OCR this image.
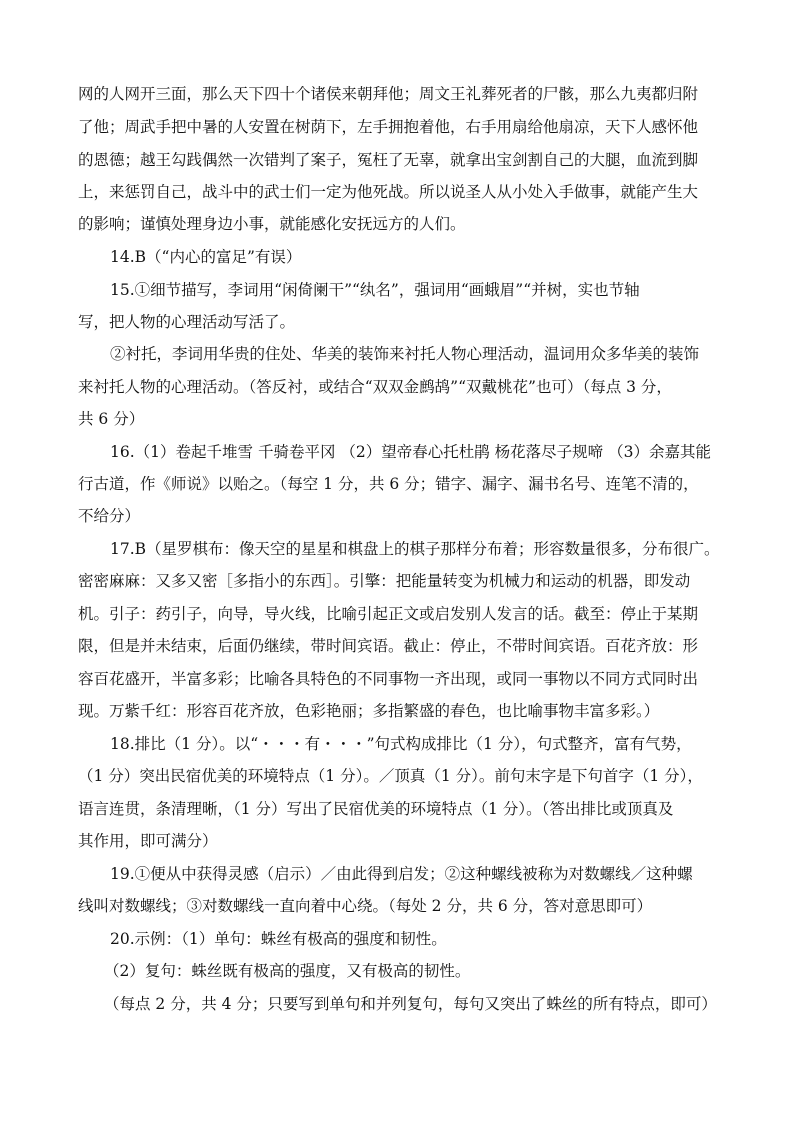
网的人网开三面，那么天下四十个诸侯来朝拜他；周文王礼葬死者的尸骸，那么九夷都归附
了他；周武手把中暑的人安置在树荫下，左手拥抱着他，右手用扇给他扇凉，天下人感怀他
的恩德；越王勾践偶然一次错判了案子，冤枉了无辜，就拿出宝剑割自己的大腿，血流到脚
上，来惩罚自己，战斗中的武士们一定为他死战。所以说圣人从小处入手做事，就能产生大
的影响；谨慎处理身边小事，就能感化安抚远方的人们。
14.B（“内心的富足”有误）
15.①细节描写，李词用“闲倚阑干”“纨名”，强词用“画蛾眉”“并树，实也节轴
写，把人物的心理活动写活了。
②衬托，李词用华贵的住处、华美的装饰来衬托人物心理活动，温词用众多华美的装饰
来衬托人物的心理活动。（答反衬，或结合“双双金鹧鸪”“双戴桃花”也可）（每点 3 分，
共 6 分）
16.（1）卷起千堆雪 千骑卷平冈 （2）望帝春心托杜鹃 杨花落尽子规啼 （3）余嘉其能
行古道，作《师说》以贻之。（每空 1 分，共 6 分；错字、漏字、漏书名号、连笔不清的，
不给分）
17.B（星罗棋布：像天空的星星和棋盘上的棋子那样分布着；形容数量很多，分布很广。
密密麻麻：又多又密［多指小的东西］。引擎：把能量转变为机械力和运动的机器，即发动
机。引子：药引子，向导，导火线，比喻引起正文或启发别人发言的话。截至：停止于某期
限，但是并未结束，后面仍继续，带时间宾语。截止：停止，不带时间宾语。百花齐放：形
容百花盛开，半富多彩；比喻各具特色的不同事物一齐出现，或同一事物以不同方式同时出
现。万紫千红：形容百花齐放，色彩艳丽；多指繁盛的春色，也比喻事物丰富多彩。）
18.排比（1 分）。以“・・・有・・・”句式构成排比（1 分），句式整齐，富有气势，
（1 分）突出民宿优美的环境特点（1 分）。／顶真（1 分）。前句末字是下句首字（1 分），
语言连贯，条清理晰，（1 分）写出了民宿优美的环境特点（1 分）。（答出排比或顶真及
其作用，即可满分）
19.①便从中获得灵感（启示）／由此得到启发；②这种螺线被称为对数螺线／这种螺
线叫对数螺线；③对数螺线一直向着中心绕。（每处 2 分，共 6 分，答对意思即可）
20.示例：（1）单句：蛛丝有极高的强度和韧性。
（2）复句：蛛丝既有极高的强度，又有极高的韧性。
（每点 2 分，共 4 分；只要写到单句和并列复句，每句又突出了蛛丝的所有特点，即可）
